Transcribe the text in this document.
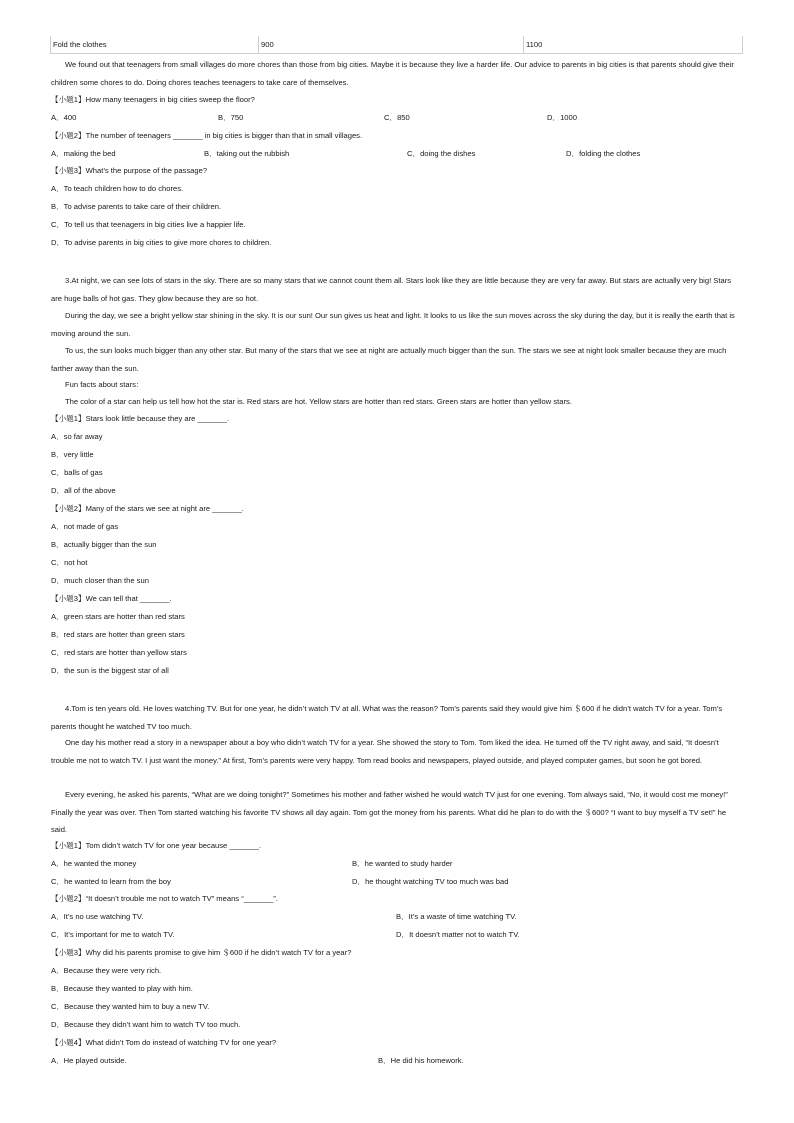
Fold the clothes	900	1100
We found out that teenagers from small villages do more chores than those from big cities. Maybe it is because they live a harder life. Our advice to parents in big cities is that parents should give their children some chores to do. Doing chores teaches teenagers to take care of themselves.
【小题1】How many teenagers in big cities sweep the floor?
A．400	B．750	C．850	D．1000
【小题2】The number of teenagers _______ in big cities is bigger than that in small villages.
A．making the bed	B．taking out the rubbish	C．doing the dishes	D．folding the clothes
【小题3】What’s the purpose of the passage?
A．To teach children how to do chores.
B．To advise parents to take care of their children.
C．To tell us that teenagers in big cities live a happier life.
D．To advise parents in big cities to give more chores to children.
3.At night, we can see lots of stars in the sky. There are so many stars that we cannot count them all. Stars look like they are little because they are very far away. But stars are actually very big! Stars are huge balls of hot gas. They glow because they are so hot.
During the day, we see a bright yellow star shining in the sky. It is our sun! Our sun gives us heat and light. It looks to us like the sun moves across the sky during the day, but it is really the earth that is moving around the sun.
To us, the sun looks much bigger than any other star. But many of the stars that we see at night are actually much bigger than the sun. The stars we see at night look smaller because they are much farther away than the sun.
Fun facts about stars：
The color of a star can help us tell how hot the star is. Red stars are hot. Yellow stars are hotter than red stars. Green stars are hotter than yellow stars.
【小题1】Stars look little because they are _______.
A．so far away
B．very little
C．balls of gas
D．all of the above
【小题2】Many of the stars we see at night are _______.
A．not made of gas
B．actually bigger than the sun
C．not hot
D．much closer than the sun
【小题3】We can tell that _______.
A．green stars are hotter than red stars
B．red stars are hotter than green stars
C．red stars are hotter than yellow stars
D．the sun is the biggest star of all
4.Tom is ten years old. He loves watching TV. But for one year, he didn’t watch TV at all. What was the reason? Tom’s parents said they would give him ＄600 if he didn’t watch TV for a year. Tom’s parents thought he watched TV too much.
One day his mother read a story in a newspaper about a boy who didn’t watch TV for a year. She showed the story to Tom. Tom liked the idea. He turned off the TV right away, and said, “It doesn’t trouble me not to watch TV. I just want the money.” At first, Tom’s parents were very happy. Tom read books and newspapers, played outside, and played computer games, but soon he got bored.
Every evening, he asked his parents, “What are we doing tonight?” Sometimes his mother and father wished he would watch TV just for one evening. Tom always said, “No, it would cost me money!” Finally the year was over. Then Tom started watching his favorite TV shows all day again. Tom got the money from his parents. What did he plan to do with the ＄600? “I want to buy myself a TV set!” he said.
【小题1】Tom didn’t watch TV for one year because _______.
A．he wanted the money	B．he wanted to study harder
C．he wanted to learn from the boy	D．he thought watching TV too much was bad
【小题2】“It doesn’t trouble me not to watch TV” means “_______”.
A．It’s no use watching TV.	B．It’s a waste of time watching TV.
C．It’s important for me to watch TV.	D．It doesn’t matter not to watch TV.
【小题3】Why did his parents promise to give him ＄600 if he didn’t watch TV for a year?
A．Because they were very rich.
B．Because they wanted to play with him.
C．Because they wanted him to buy a new TV.
D．Because they didn’t want him to watch TV too much.
【小题4】What didn’t Tom do instead of watching TV for one year?
A．He played outside.	B．He did his homework.
